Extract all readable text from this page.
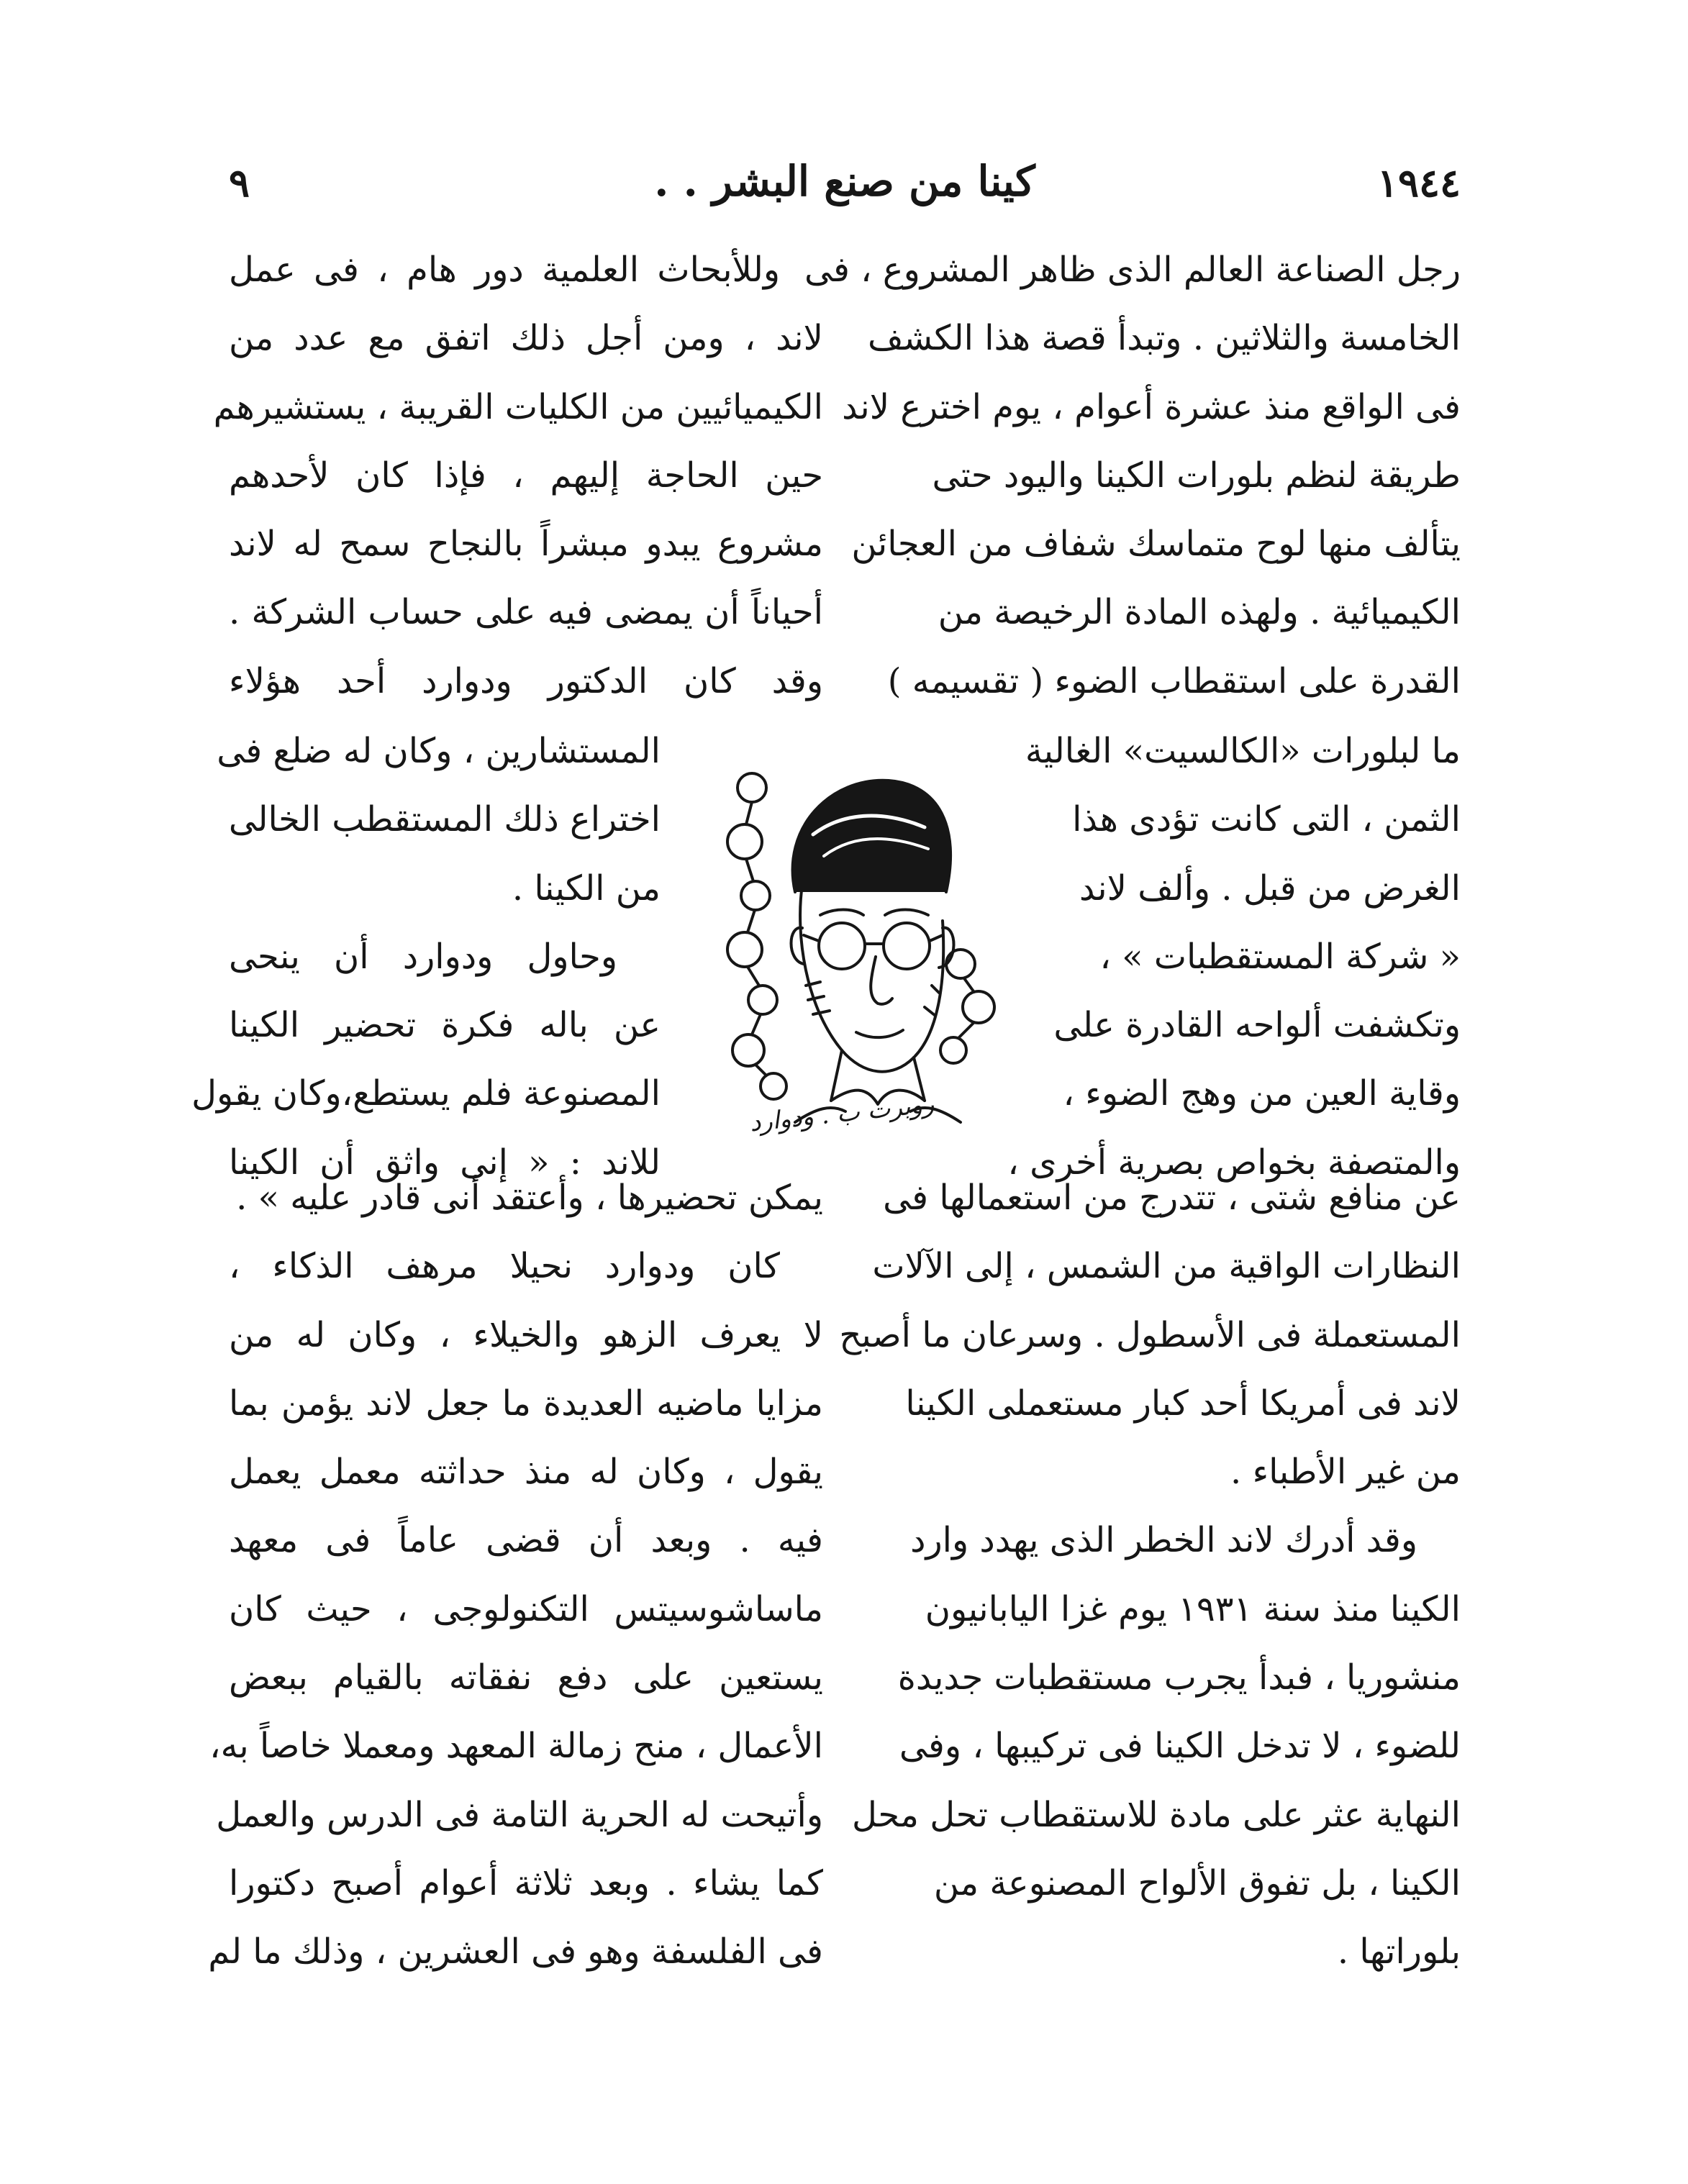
١٩٤٤
كينا من صنع البشر . .
٩
رجل الصناعة العالم الذى ظاهر المشروع ، فى
الخامسة والثلاثين . وتبدأ قصة هذا الكشف
فى الواقع منذ عشرة أعوام ، يوم اخترع لاند
طريقة لنظم بلورات الكينا واليود حتى
يتألف منها لوح متماسك شفاف من العجائن
الكيميائية . ولهذه المادة الرخيصة من
القدرة على استقطاب الضوء ( تقسيمه )
ما لبلورات «الكالسيت» الغالية
الثمن ، التى كانت تؤدى هذا
الغرض من قبل . وألف لاند
« شركة المستقطبات » ،
وتكشفت ألواحه القادرة على
وقاية العين من وهج الضوء ،
والمتصفة بخواص بصرية أخرى ،
عن منافع شتى ، تتدرج من استعمالها فى
النظارات الواقية من الشمس ، إلى الآلات
المستعملة فى الأسطول . وسرعان ما أصبح
لاند فى أمريكا أحد كبار مستعملى الكينا
من غير الأطباء .
وقد أدرك لاند الخطر الذى يهدد وارد
الكينا منذ سنة ١٩٣١ يوم غزا اليابانيون
منشوريا ، فبدأ يجرب مستقطبات جديدة
للضوء ، لا تدخل الكينا فى تركيبها ، وفى
النهاية عثر على مادة للاستقطاب تحل محل
الكينا ، بل تفوق الألواح المصنوعة من
بلوراتها .
وللأبحاث العلمية دور هام ، فى عمل
لاند ، ومن أجل ذلك اتفق مع عدد من
الكيميائيين من الكليات القريبة ، يستشيرهم
حين الحاجة إليهم ، فإذا كان لأحدهم
مشروع يبدو مبشراً بالنجاح سمح له لاند
أحياناً أن يمضى فيه على حساب الشركة .
وقد كان الدكتور ودوارد أحد هؤلاء
المستشارين ، وكان له ضلع فى
اختراع ذلك المستقطب الخالى
من الكينا .
وحاول ودوارد أن ينحى
عن باله فكرة تحضير الكينا
المصنوعة فلم يستطع،وكان يقول
للاند : « إنى واثق أن الكينا
يمكن تحضيرها ، وأعتقد أنى قادر عليه » .
كان ودوارد نحيلا مرهف الذكاء ،
لا يعرف الزهو والخيلاء ، وكان له من
مزايا ماضيه العديدة ما جعل لاند يؤمن بما
يقول ، وكان له منذ حداثته معمل يعمل
فيه . وبعد أن قضى عاماً فى معهد
ماساشوسيتس التكنولوجى ، حيث كان
يستعين على دفع نفقاته بالقيام ببعض
الأعمال ، منح زمالة المعهد ومعملا خاصاً به،
وأتيحت له الحرية التامة فى الدرس والعمل
كما يشاء . وبعد ثلاثة أعوام أصبح دكتورا
فى الفلسفة وهو فى العشرين ، وذلك ما لم
روبرت ب . ودوارد
